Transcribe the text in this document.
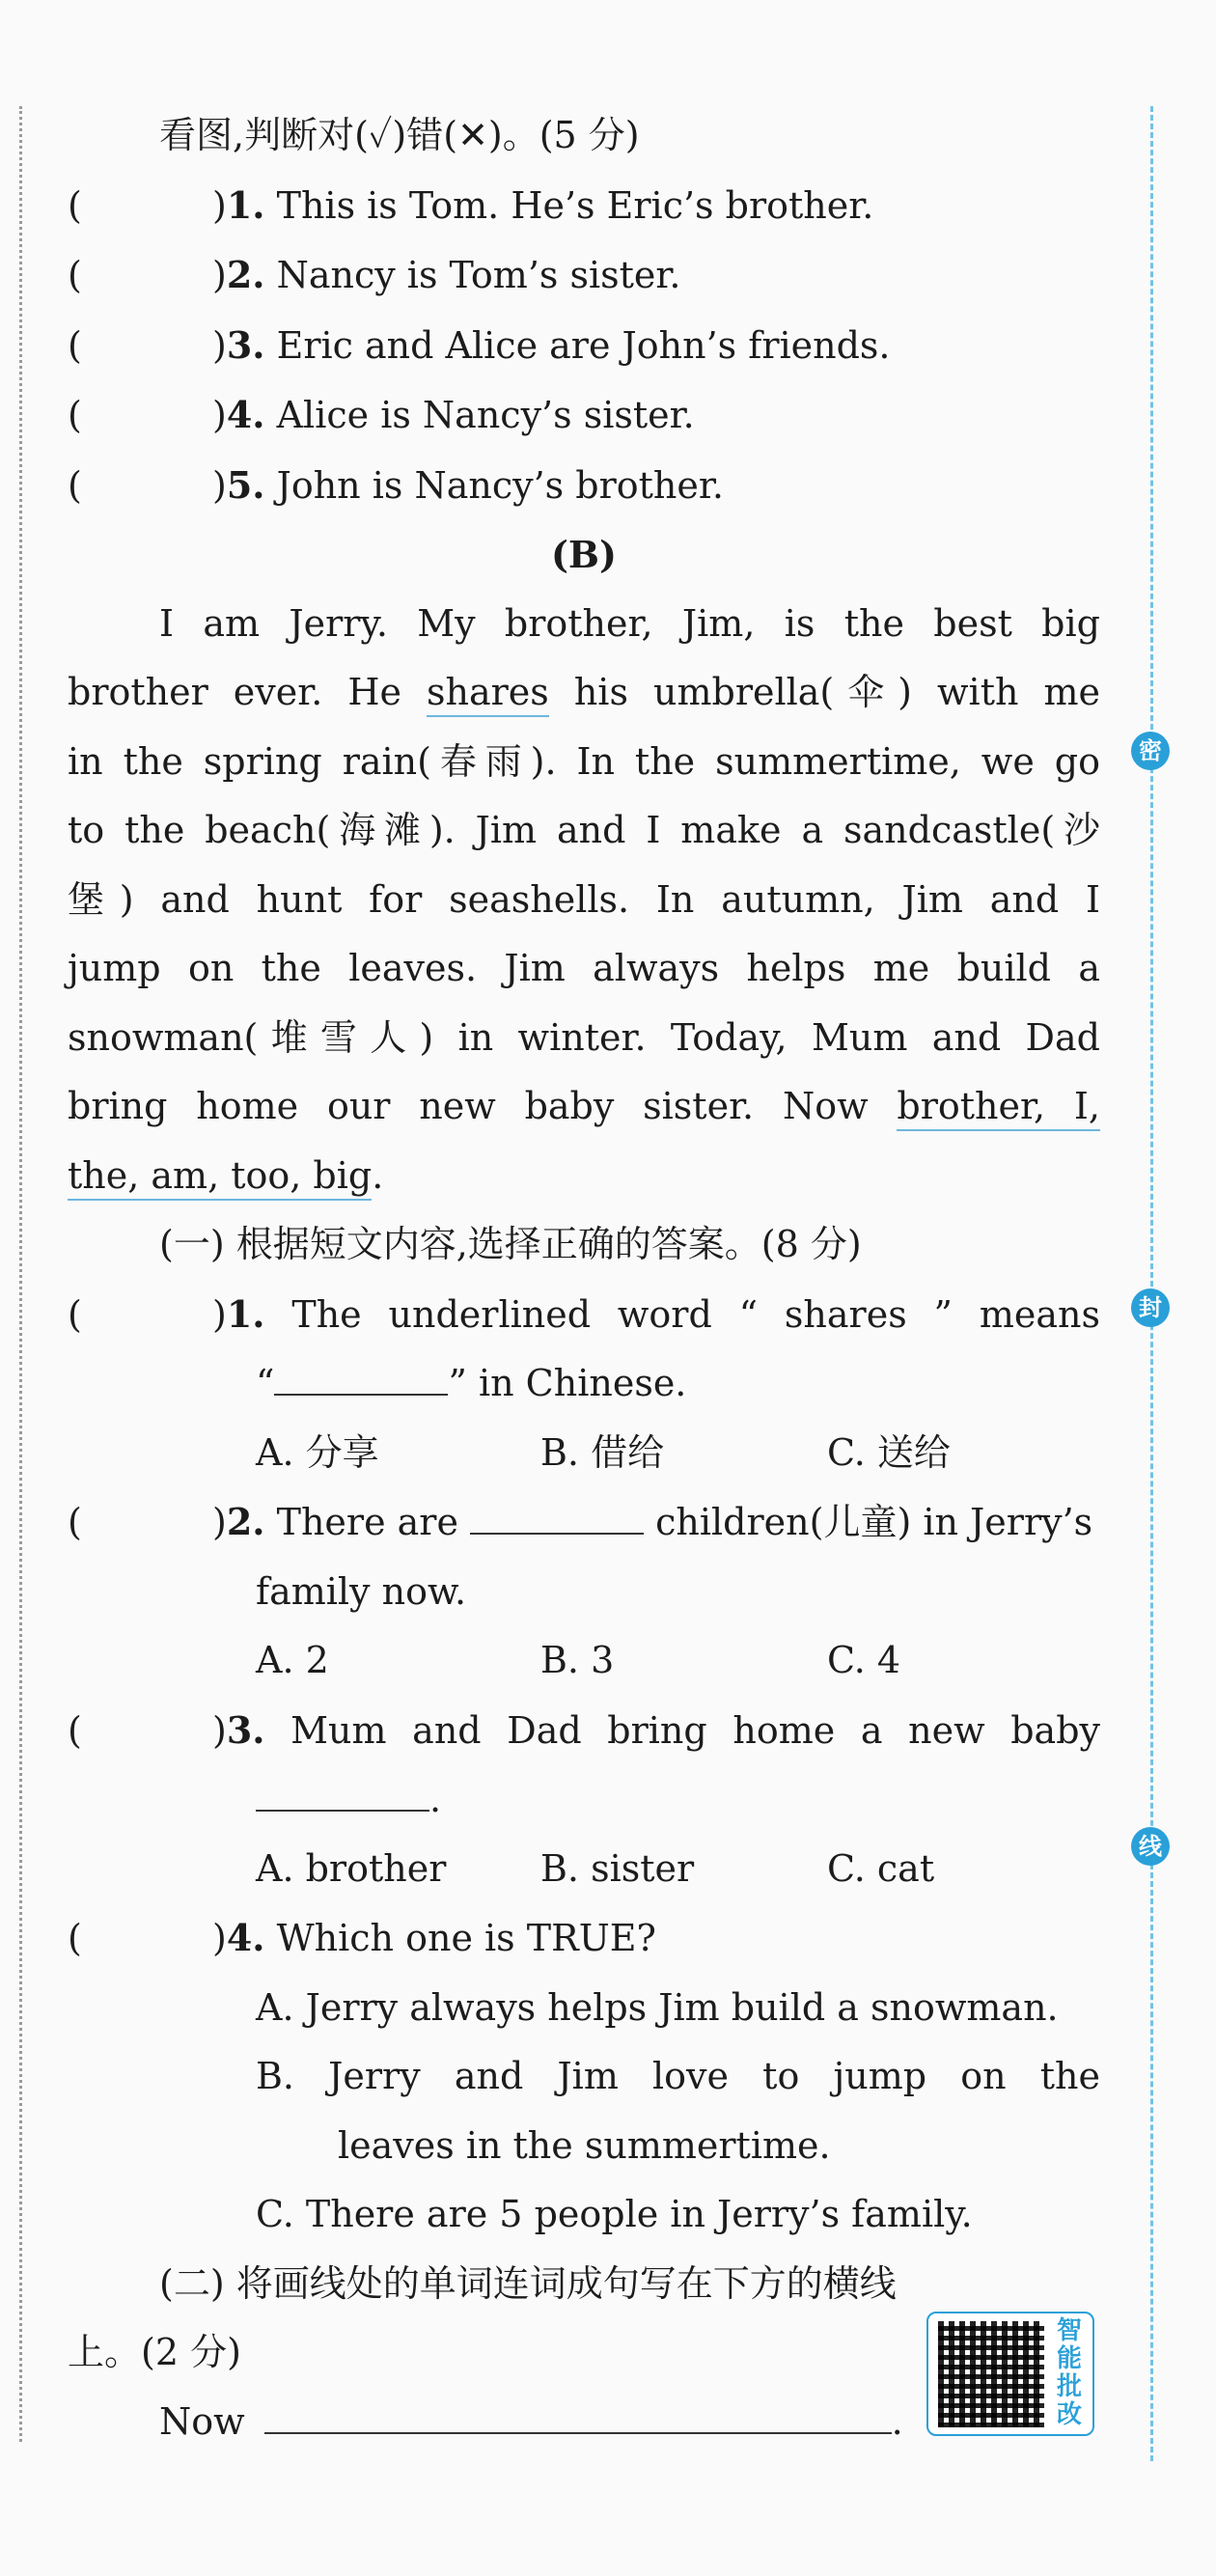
密
封
线
看图,判断对(✓)错(✕)。(5 分)
(	)1. This is Tom. He’s Eric’s brother.
(	)2. Nancy is Tom’s sister.
(	)3. Eric and Alice are John’s friends.
(	)4. Alice is Nancy’s sister.
(	)5. John is Nancy’s brother.
(B)
I am Jerry. My brother, Jim, is the best big
brother ever. He shares his umbrella(伞) with me
in the spring rain(春雨). In the summertime, we go
to the beach(海滩). Jim and I make a sandcastle(沙
堡) and hunt for seashells. In autumn, Jim and I
jump on the leaves. Jim always helps me build a
snowman(堆雪人) in winter. Today, Mum and Dad
bring home our new baby sister. Now brother, I,
the, am, too, big.
(一) 根据短文内容,选择正确的答案。(8 分)
(	)1. The underlined word “ shares ” means
“	” in Chinese.
A. 分享	B. 借给	C. 送给
(	)2. There are	children(儿童) in Jerry’s
family now.
A. 2	B. 3	C. 4
(	)3. Mum and Dad bring home a new baby
.
A. brother	B. sister	C. cat
(	)4. Which one is TRUE?
A. Jerry always helps Jim build a snowman.
B. Jerry and Jim love to jump on the
leaves in the summertime.
C. There are 5 people in Jerry’s family.
(二) 将画线处的单词连词成句写在下方的横线
上。(2 分)
Now	.
智
能
批
改
